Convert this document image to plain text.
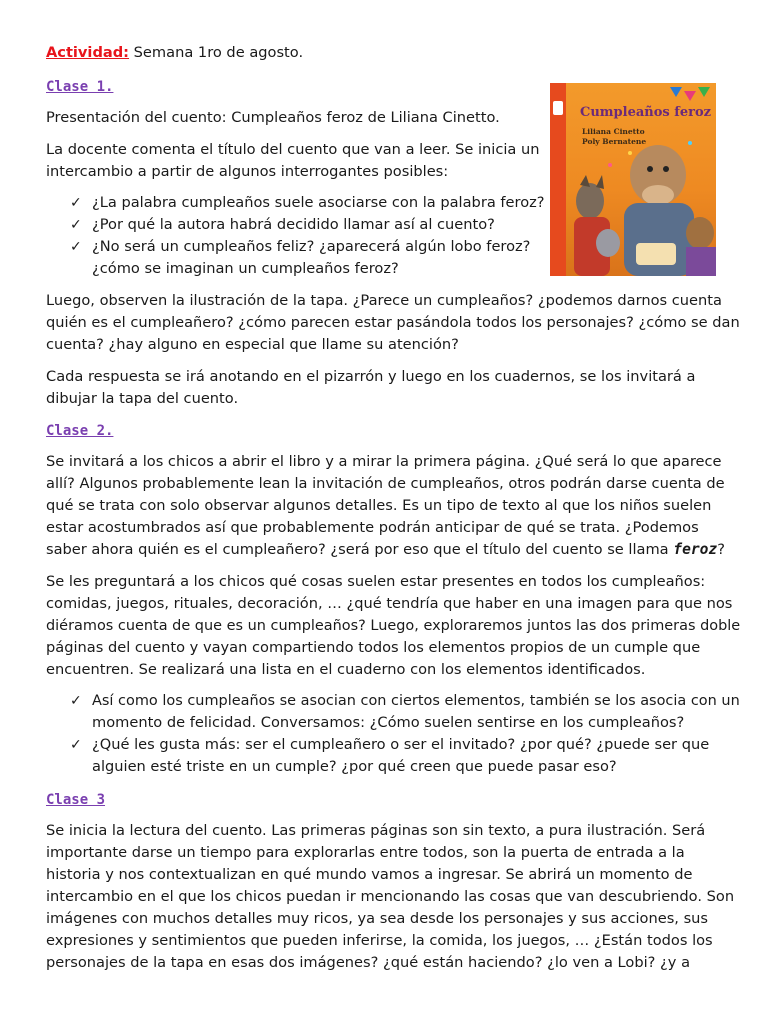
Actividad: Semana 1ro de agosto.
Clase 1.
Presentación del cuento: Cumpleaños feroz de Liliana Cinetto.
La docente comenta el título del cuento que van a leer. Se inicia un
intercambio a partir de algunos interrogantes posibles:
✓ ¿La palabra cumpleaños suele asociarse con la palabra feroz?
✓ ¿Por qué la autora habrá decidido llamar así al cuento?
✓ ¿No será un cumpleaños feliz? ¿aparecerá algún lobo feroz?
¿cómo se imaginan un cumpleaños feroz?
Luego, observen la ilustración de la tapa. ¿Parece un cumpleaños? ¿podemos darnos cuenta
quién es el cumpleañero? ¿cómo parecen estar pasándola todos los personajes? ¿cómo se dan
cuenta? ¿hay alguno en especial que llame su atención?
Cada respuesta se irá anotando en el pizarrón y luego en los cuadernos, se los invitará a
dibujar la tapa del cuento.
Cumpleaños feroz
Liliana Cinetto
Poly Bernatene
Clase 2.
Se invitará a los chicos a abrir el libro y a mirar la primera página. ¿Qué será lo que aparece
allí? Algunos probablemente lean la invitación de cumpleaños, otros podrán darse cuenta de
qué se trata con solo observar algunos detalles. Es un tipo de texto al que los niños suelen
estar acostumbrados así que probablemente podrán anticipar de qué se trata. ¿Podemos
saber ahora quién es el cumpleañero? ¿será por eso que el título del cuento se llama feroz?
Se les preguntará a los chicos qué cosas suelen estar presentes en todos los cumpleaños:
comidas, juegos, rituales, decoración, … ¿qué tendría que haber en una imagen para que nos
diéramos cuenta de que es un cumpleaños? Luego, exploraremos juntos las dos primeras doble
páginas del cuento y vayan compartiendo todos los elementos propios de un cumple que
encuentren. Se realizará una lista en el cuaderno con los elementos identificados.
✓ Así como los cumpleaños se asocian con ciertos elementos, también se los asocia con un
momento de felicidad. Conversamos: ¿Cómo suelen sentirse en los cumpleaños?
✓ ¿Qué les gusta más: ser el cumpleañero o ser el invitado? ¿por qué? ¿puede ser que
alguien esté triste en un cumple? ¿por qué creen que puede pasar eso?
Clase 3
Se inicia la lectura del cuento. Las primeras páginas son sin texto, a pura ilustración. Será
importante darse un tiempo para explorarlas entre todos, son la puerta de entrada a la
historia y nos contextualizan en qué mundo vamos a ingresar. Se abrirá un momento de
intercambio en el que los chicos puedan ir mencionando las cosas que van descubriendo. Son
imágenes con muchos detalles muy ricos, ya sea desde los personajes y sus acciones, sus
expresiones y sentimientos que pueden inferirse, la comida, los juegos, … ¿Están todos los
personajes de la tapa en esas dos imágenes? ¿qué están haciendo? ¿lo ven a Lobi? ¿y a
